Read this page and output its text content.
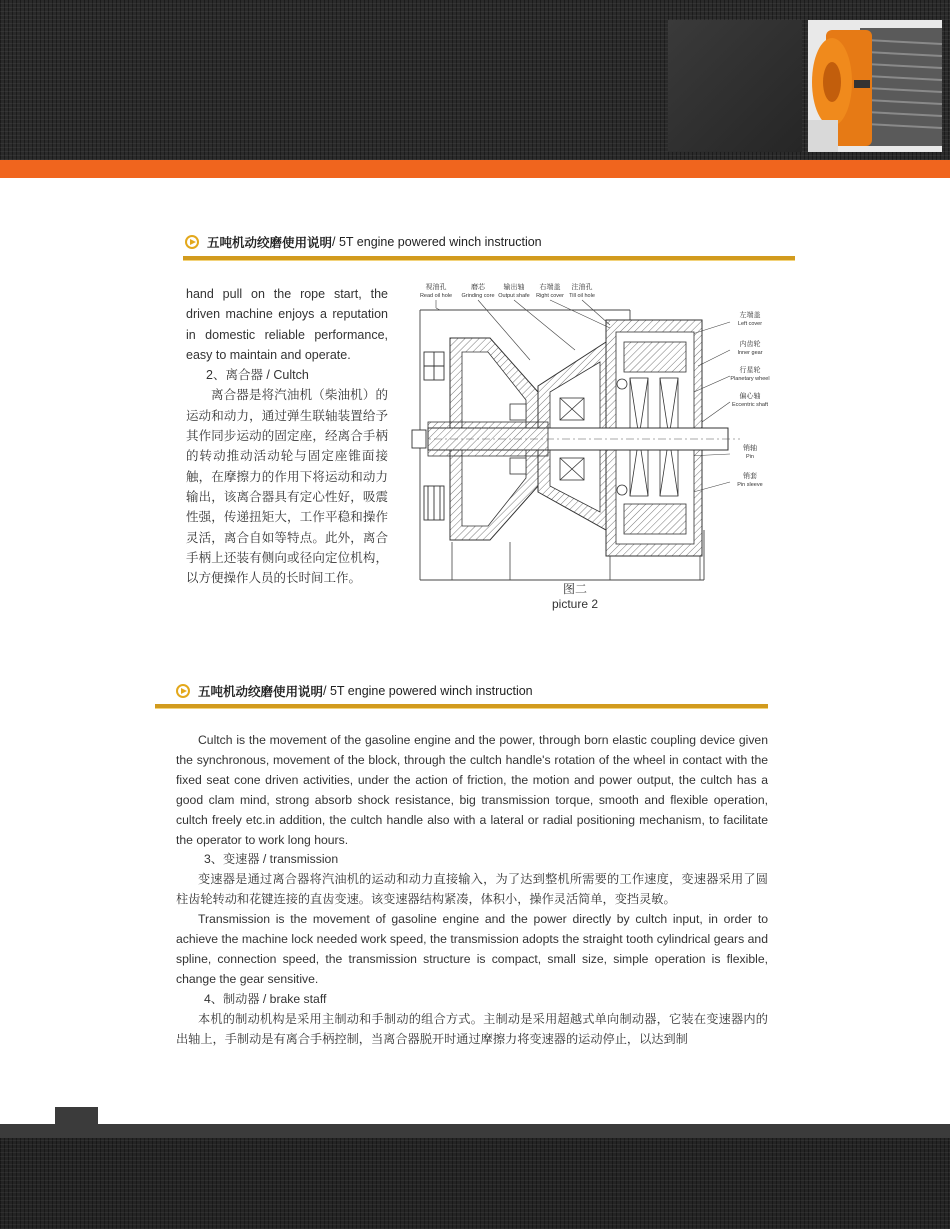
五吨机动绞磨使用说明 / 5T engine powered winch instruction

hand pull on the rope start, the driven machine enjoys a reputation in domestic reliable performance, easy to maintain and operate.

2、离合器 / Cultch

离合器是将汽油机（柴油机）的运动和动力，通过弹生联轴装置给予其作同步运动的固定座，经离合手柄的转动推动活动轮与固定座锥面接触，在摩擦力的作用下将运动和动力输出，该离合器具有定心性好，吸震性强，传递扭矩大，工作平稳和操作灵活，离合自如等特点。此外，离合手柄上还装有侧向或径向定位机构，以方便操作人员的长时间工作。

视油孔
Read oil hole
磨芯
Grinding core
输出轴
Output shafe
右端盖
Right cover
注油孔
Till oil hole
左端盖
Left cover
内齿轮
Inner gear
行星轮
Planetary wheel
偏心轴
Eccentric shaft
销轴
Pin
销套
Pin sleeve
图二
picture 2
五吨机动绞磨使用说明 / 5T engine powered winch instruction

Cultch is the movement of the gasoline engine and the power, through born elastic coupling device given the synchronous, movement of the block, through the cultch handle's rotation of the wheel in contact with the fixed seat cone driven activities, under the action of friction, the motion and power output, the cultch has a good clam mind, strong absorb shock resistance, big transmission torque, smooth and flexible operation, cultch freely etc.in addition, the cultch handle also with a lateral or radial positioning mechanism, to facilitate the operator to work long hours.

3、变速器 / transmission

变速器是通过离合器将汽油机的运动和动力直接输入，为了达到整机所需要的工作速度，变速器采用了圆柱齿轮转动和花键连接的直齿变速。该变速器结构紧凑，体积小，操作灵活简单，变挡灵敏。

Transmission is the movement of gasoline engine and the power directly by cultch input, in order to achieve the machine lock needed work speed, the transmission adopts the straight tooth cylindrical gears and spline, connection speed, the transmission structure is compact, small size, simple operation is flexible, change the gear sensitive.

4、制动器 / brake staff

本机的制动机构是采用主制动和手制动的组合方式。主制动是采用超越式单向制动器，它装在变速器内的出轴上，手制动是有离合手柄控制，当离合器脱开时通过摩擦力将变速器的运动停止，以达到制
